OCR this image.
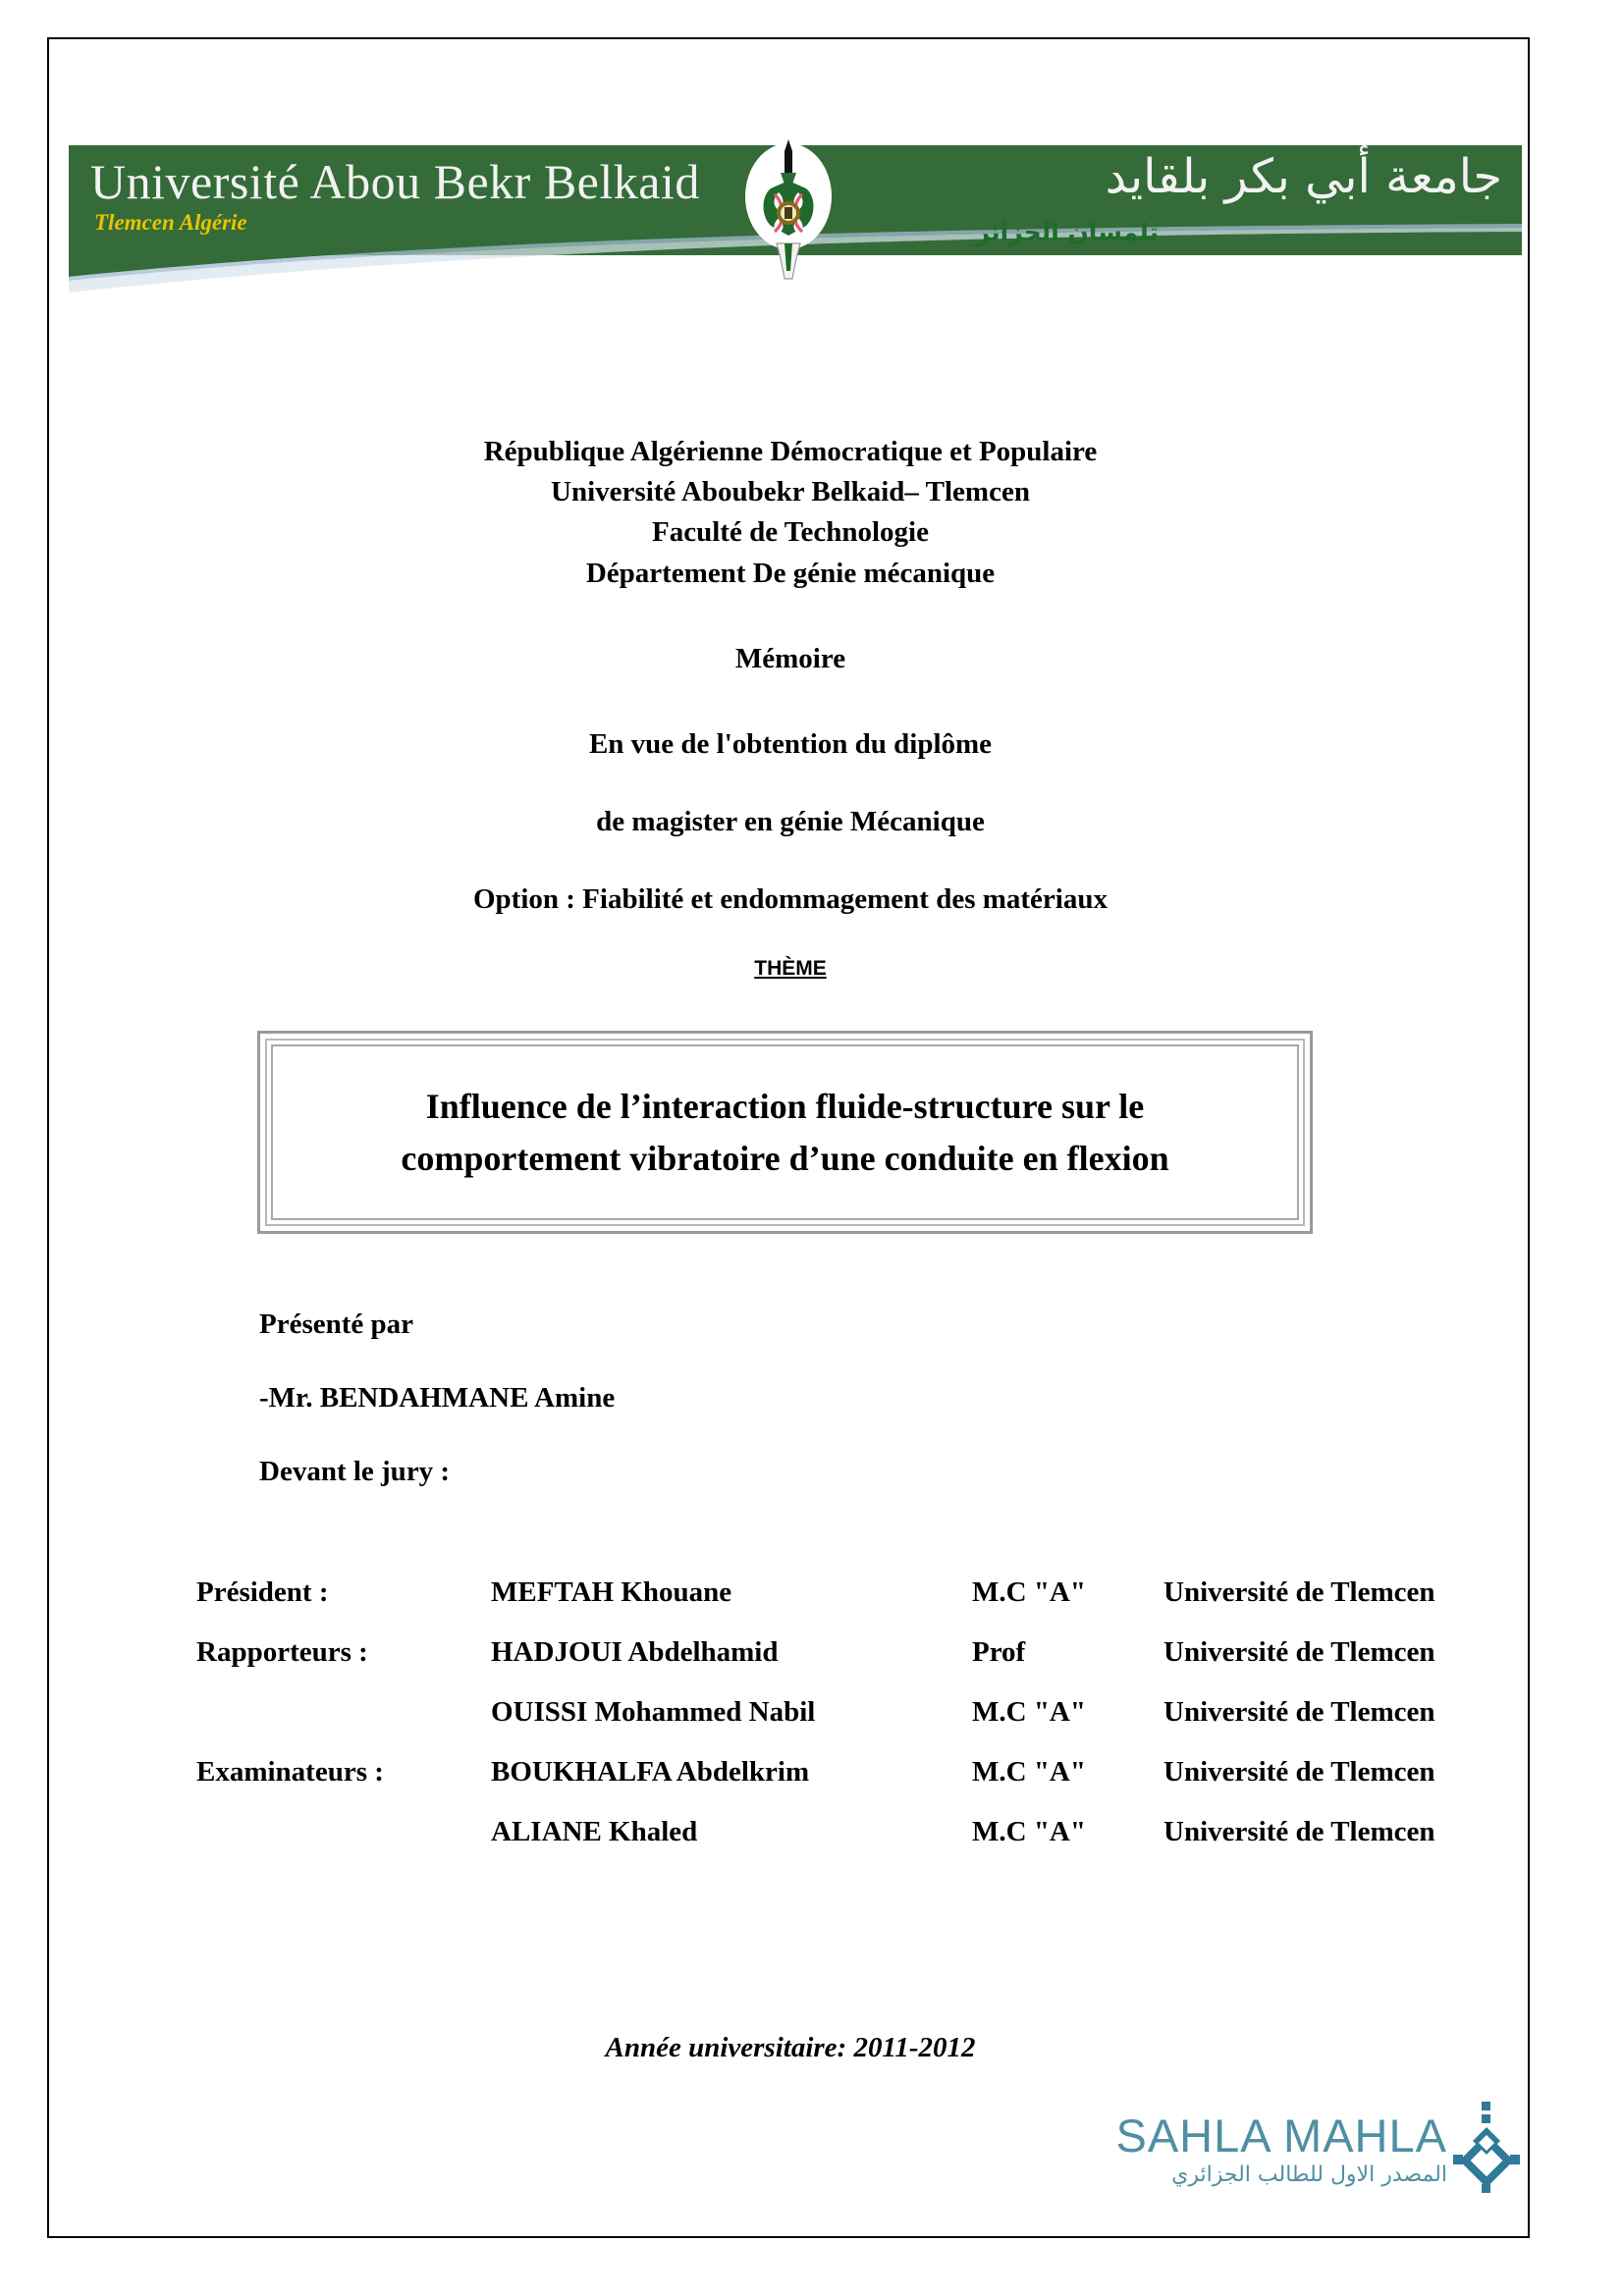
Université Abou Bekr Belkaid
Tlemcen Algérie
جامعة أبي بكر بلقايد
تلمسان الجزائر
République Algérienne Démocratique et Populaire
Université Aboubekr Belkaid– Tlemcen
Faculté de Technologie
Département De génie mécanique
Mémoire
En vue de l'obtention du diplôme
de magister en génie Mécanique
Option : Fiabilité et endommagement des matériaux
THÈME
Influence de l’interaction fluide-structure sur le
comportement vibratoire d’une conduite en flexion
Présenté par
-Mr. BENDAHMANE Amine
Devant le jury :
Président :	MEFTAH Khouane	M.C "A"	Université de Tlemcen
Rapporteurs :	HADJOUI Abdelhamid	Prof	Université de Tlemcen
	OUISSI Mohammed Nabil	M.C "A"	Université de Tlemcen
Examinateurs :	BOUKHALFA Abdelkrim	M.C "A"	Université de Tlemcen
	ALIANE Khaled	M.C "A"	Université de Tlemcen
Année universitaire: 2011-2012
SAHLA MAHLA
المصدر الاول للطالب الجزائري
